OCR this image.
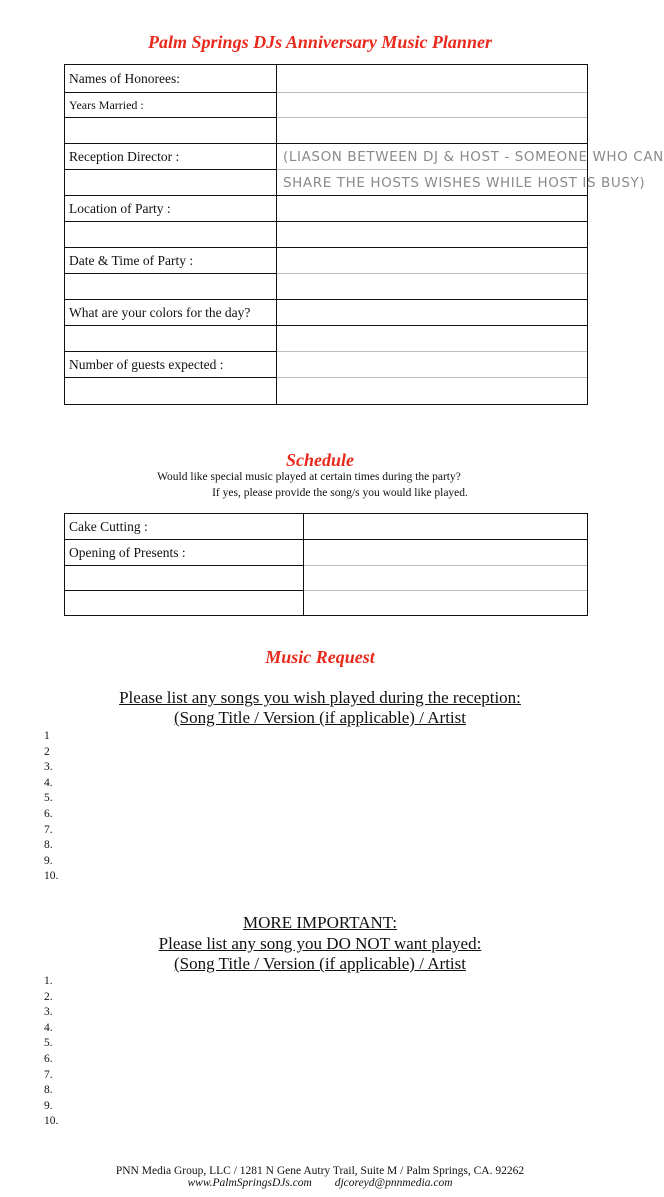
Palm Springs DJs Anniversary Music Planner
Names of Honorees:	
Years Married :	

Reception Director :	(LIASON BETWEEN DJ & HOST - SOMEONE WHO CAN
	SHARE THE HOSTS WISHES WHILE HOST IS BUSY)
Location of Party :	

Date & Time of Party :	

What are your colors for the day?	

Number of guests expected :	

Schedule
Would like special music played at certain times during the party?
If yes, please provide the song/s you would like played.
Cake Cutting :	
Opening of Presents :	

Music Request
Please list any songs you wish played during the reception:
(Song Title / Version (if applicable) / Artist
1
2
3.
4.
5.
6.
7.
8.
9.
10.
MORE IMPORTANT:
Please list any song you DO NOT want played:
(Song Title / Version (if applicable) / Artist
1.
2.
3.
4.
5.
6.
7.
8.
9.
10.
PNN Media Group, LLC / 1281 N Gene Autry Trail, Suite M / Palm Springs, CA. 92262
www.PalmSpringsDJs.com djcoreyd@pnnmedia.com
